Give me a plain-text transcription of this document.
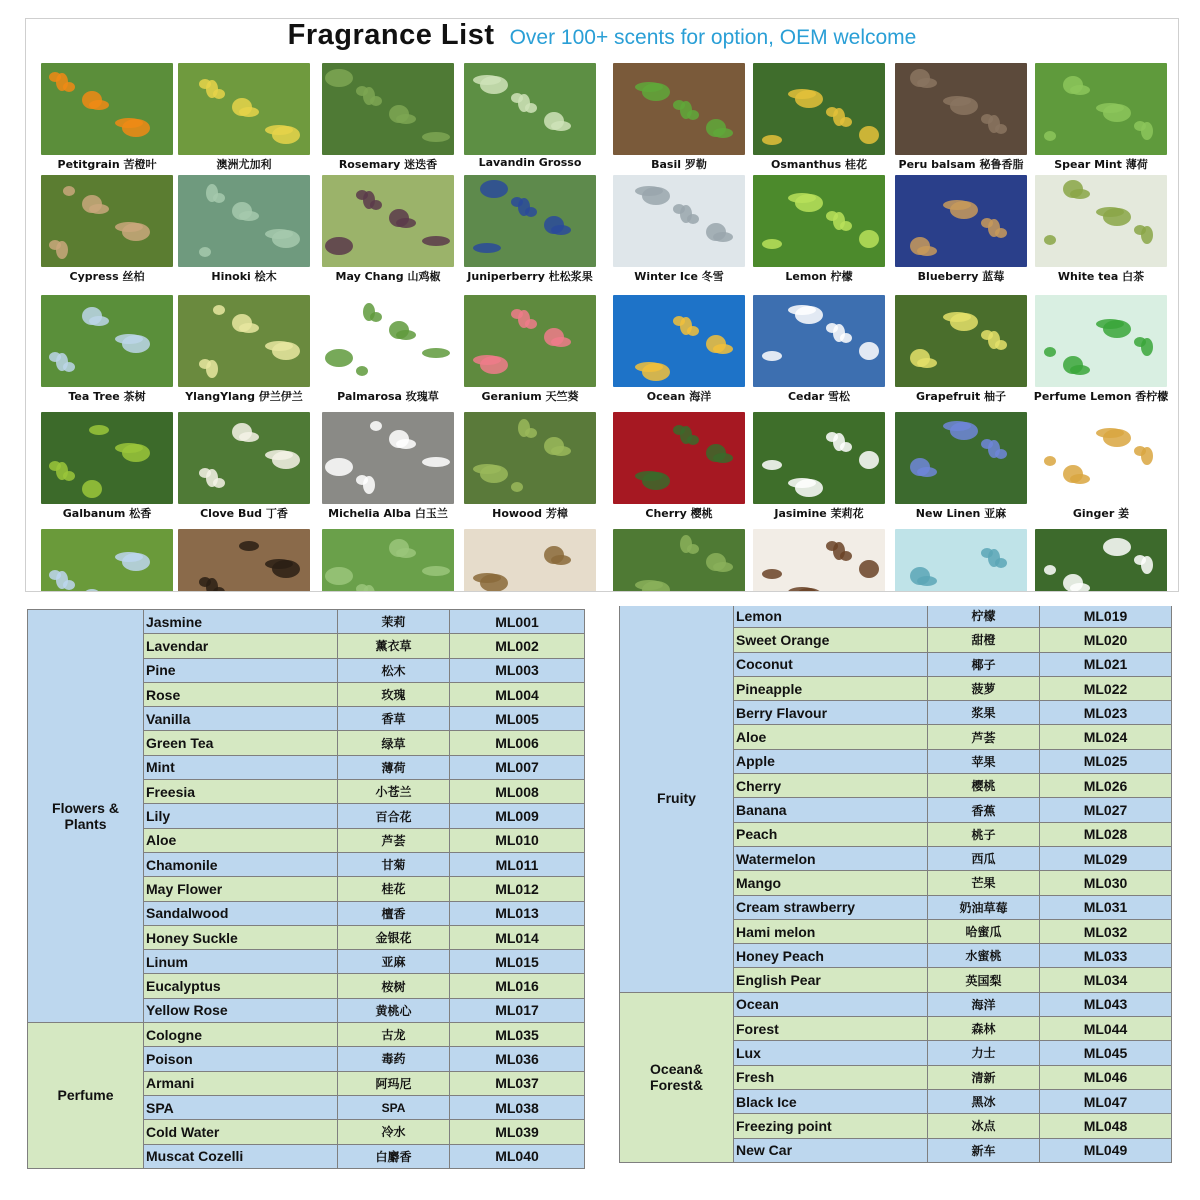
Fragrance List Over 100+ scents for option, OEM welcome
Petitgrain 苦橙叶	澳洲尤加利	Rosemary 迷迭香	Lavandin Grosso	Basil 罗勒	Osmanthus 桂花	Peru balsam 秘鲁香脂	Spear Mint 薄荷
Cypress 丝柏	Hinoki 桧木	May Chang 山鸡椒	Juniperberry 杜松浆果	Winter Ice 冬雪	Lemon 柠檬	Blueberry 蓝莓	White tea 白茶
Tea Tree 茶树	YlangYlang 伊兰伊兰	Palmarosa 玫瑰草	Geranium 天竺葵	Ocean 海洋	Cedar 雪松	Grapefruit 柚子	Perfume Lemon 香柠檬
Galbanum 松香	Clove Bud 丁香	Michelia Alba 白玉兰	Howood 芳樟	Cherry 樱桃	Jasimine 茉莉花	New Linen 亚麻	Ginger 姜
Flowers & Plants	Jasmine	茉莉	ML001
	Lavendar	薰衣草	ML002
	Pine	松木	ML003
	Rose	玫瑰	ML004
	Vanilla	香草	ML005
	Green Tea	绿草	ML006
	Mint	薄荷	ML007
	Freesia	小苍兰	ML008
	Lily	百合花	ML009
	Aloe	芦荟	ML010
	Chamonile	甘菊	ML011
	May Flower	桂花	ML012
	Sandalwood	檀香	ML013
	Honey Suckle	金银花	ML014
	Linum	亚麻	ML015
	Eucalyptus	桉树	ML016
	Yellow Rose	黄桃心	ML017
Perfume	Cologne	古龙	ML035
	Poison	毒药	ML036
	Armani	阿玛尼	ML037
	SPA	SPA	ML038
	Cold Water	冷水	ML039
	Muscat Cozelli	白麝香	ML040
Fruity	Lemon	柠檬	ML019
	Sweet Orange	甜橙	ML020
	Coconut	椰子	ML021
	Pineapple	菠萝	ML022
	Berry Flavour	浆果	ML023
	Aloe	芦荟	ML024
	Apple	苹果	ML025
	Cherry	樱桃	ML026
	Banana	香蕉	ML027
	Peach	桃子	ML028
	Watermelon	西瓜	ML029
	Mango	芒果	ML030
	Cream strawberry	奶油草莓	ML031
	Hami melon	哈蜜瓜	ML032
	Honey Peach	水蜜桃	ML033
	English Pear	英国梨	ML034
Ocean& Forest&	Ocean	海洋	ML043
	Forest	森林	ML044
	Lux	力士	ML045
	Fresh	清新	ML046
	Black Ice	黑冰	ML047
	Freezing point	冰点	ML048
	New Car	新车	ML049
